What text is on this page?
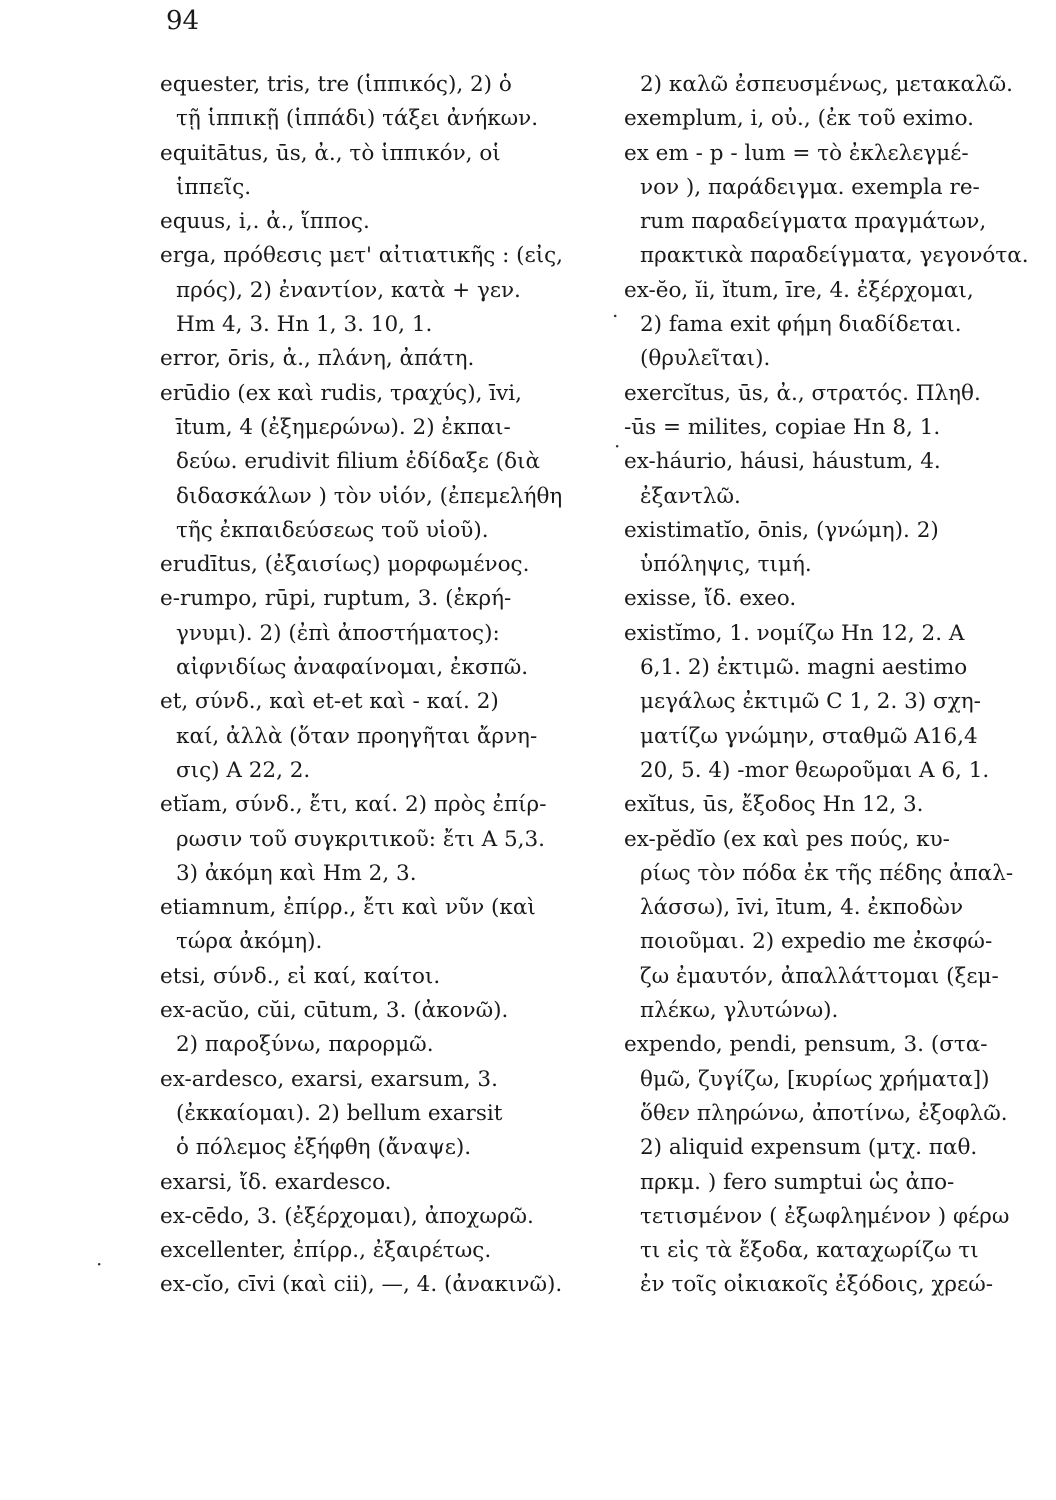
94
equester, tris, tre (ἱππικός), 2) ὁ
τῇ ἱππικῇ (ἱππάδι) τάξει ἀνήκων.
equitātus, ūs, ἀ., τὸ ἱππικόν, οἱ
ἱππεῖς.
equus, i,. ἀ., ἵππος.
erga, πρόθεσις μετ' αἰτιατικῆς : (εἰς,
πρός), 2) ἐναντίον, κατὰ + γεν.
Hm 4, 3. Hn 1, 3. 10, 1.
error, ōris, ἀ., πλάνη, ἀπάτη.
erūdio (ex καὶ rudis, τραχύς), īvi,
ītum, 4 (ἐξημερώνω). 2) ἐκπαι-
δεύω. erudivit filium ἐδίδαξε (διὰ
διδασκάλων ) τὸν υἱόν, (ἐπεμελήθη
τῆς ἐκπαιδεύσεως τοῦ υἱοῦ).
erudītus, (ἐξαισίως) μορφωμένος.
e-rumpo, rūpi, ruptum, 3. (ἐκρή-
γνυμι). 2) (ἐπὶ ἀποστήματος):
αἰφνιδίως ἀναφαίνομαι, ἐκσπῶ.
et, σύνδ., καὶ et-et καὶ - καί. 2)
καί, ἀλλὰ (ὅταν προηγῆται ἄρνη-
σις) A 22, 2.
etĭam, σύνδ., ἔτι, καί. 2) πρὸς ἐπίρ-
ρωσιν τοῦ συγκριτικοῦ: ἔτι A 5,3.
3) ἀκόμη καὶ Hm 2, 3.
etiamnum, ἐπίρρ., ἔτι καὶ νῦν (καὶ
τώρα ἀκόμη).
etsi, σύνδ., εἰ καί, καίτοι.
ex-acŭo, cŭi, cūtum, 3. (ἀκονῶ).
2) παροξύνω, παρορμῶ.
ex-ardesco, exarsi, exarsum, 3.
(ἐκκαίομαι). 2) bellum exarsit
ὁ πόλεμος ἐξήφθη (ἄναψε).
exarsi, ἴδ. exardesco.
ex-cēdo, 3. (ἐξέρχομαι), ἀποχωρῶ.
excellenter, ἐπίρρ., ἐξαιρέτως.
ex-cĭo, cīvi (καὶ cii), —, 4. (ἀνακινῶ).
2) καλῶ ἐσπευσμένως, μετακαλῶ.
exemplum, i, οὐ., (ἐκ τοῦ eximo.
ex em - p - lum = τὸ ἐκλελεγμέ-
νον ), παράδειγμα. exempla re-
rum παραδείγματα πραγμάτων,
πρακτικὰ παραδείγματα, γεγονότα.
ex-ĕo, ĭi, ĭtum, īre, 4. ἐξέρχομαι,
2) fama exit φήμη διαδίδεται.
(θρυλεῖται).
exercĭtus, ūs, ἀ., στρατός. Πληθ.
-ūs = milites, copiae Hn 8, 1.
ex-háurio, háusi, háustum, 4.
ἐξαντλῶ.
existimatĭo, ōnis, (γνώμη). 2)
ὑπόληψις, τιμή.
exisse, ἴδ. exeo.
existĭmo, 1. νομίζω Hn 12, 2. A
6,1. 2) ἐκτιμῶ. magni aestimo
μεγάλως ἐκτιμῶ C 1, 2. 3) σχη-
ματίζω γνώμην, σταθμῶ A16,4
20, 5. 4) -mor θεωροῦμαι A 6, 1.
exĭtus, ūs, ἔξοδος Hn 12, 3.
ex-pĕdĭo (ex καὶ pes πούς, κυ-
ρίως τὸν πόδα ἐκ τῆς πέδης ἀπαλ-
λάσσω), īvi, ītum, 4. ἐκποδὼν
ποιοῦμαι. 2) expedio me ἐκσφώ-
ζω ἐμαυτόν, ἀπαλλάττομαι (ξεμ-
πλέκω, γλυτώνω).
expendo, pendi, pensum, 3. (στα-
θμῶ, ζυγίζω, [κυρίως χρήματα])
ὅθεν πληρώνω, ἀποτίνω, ἐξοφλῶ.
2) aliquid expensum (μτχ. παθ.
πρκμ. ) fero sumptui ὡς ἀπο-
τετισμένον ( ἐξωφλημένον ) φέρω
τι εἰς τὰ ἔξοδα, καταχωρίζω τι
ἐν τοῖς οἰκιακοῖς ἐξόδοις, χρεώ-
.
·
·
